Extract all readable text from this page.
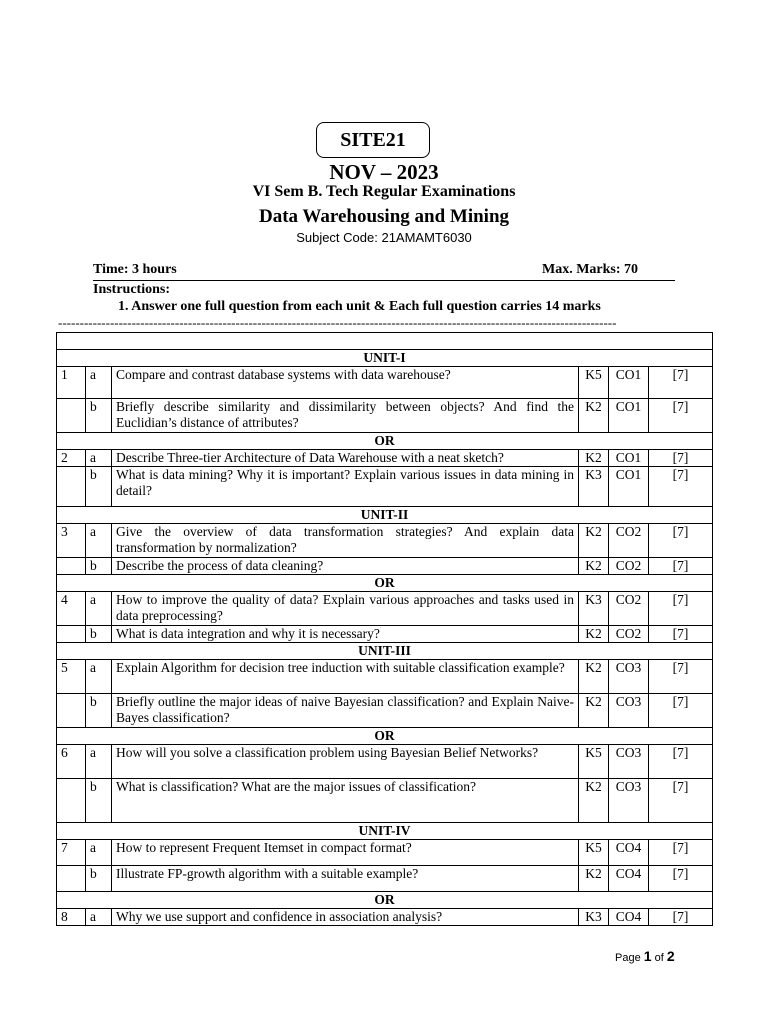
SITE21
NOV – 2023
VI Sem B. Tech Regular Examinations
Data Warehousing and Mining
Subject Code: 21AMAMT6030
Time: 3 hours	Max. Marks: 70
Instructions:
1. Answer one full question from each unit & Each full question carries 14 marks
---------------------------------------------------------------------------------------------------------------------------------

UNIT-I					
1	a	Compare and contrast database systems with data warehouse?	K5	CO1	[7]
	b	Briefly describe similarity and dissimilarity between objects? And find the Euclidian’s distance of attributes?	K2	CO1	[7]
OR					
2	a	Describe Three-tier Architecture of Data Warehouse with a neat sketch?	K2	CO1	[7]
	b	What is data mining? Why it is important? Explain various issues in data mining in detail?	K3	CO1	[7]
UNIT-II					
3	a	Give the overview of data transformation strategies? And explain data transformation by normalization?	K2	CO2	[7]
	b	Describe the process of data cleaning?	K2	CO2	[7]
OR					
4	a	How to improve the quality of data? Explain various approaches and tasks used in data preprocessing?	K3	CO2	[7]
	b	What is data integration and why it is necessary?	K2	CO2	[7]
UNIT-III					
5	a	Explain Algorithm for decision tree induction with suitable classification example?	K2	CO3	[7]
	b	Briefly outline the major ideas of naive Bayesian classification? and Explain Naive-Bayes classification?	K2	CO3	[7]
OR					
6	a	How will you solve a classification problem using Bayesian Belief Networks?	K5	CO3	[7]
	b	What is classification? What are the major issues of classification?	K2	CO3	[7]
UNIT-IV					
7	a	How to represent Frequent Itemset in compact format?	K5	CO4	[7]
	b	Illustrate FP-growth algorithm with a suitable example?	K2	CO4	[7]
OR					
8	a	Why we use support and confidence in association analysis?	K3	CO4	[7]
Page 1 of 2
